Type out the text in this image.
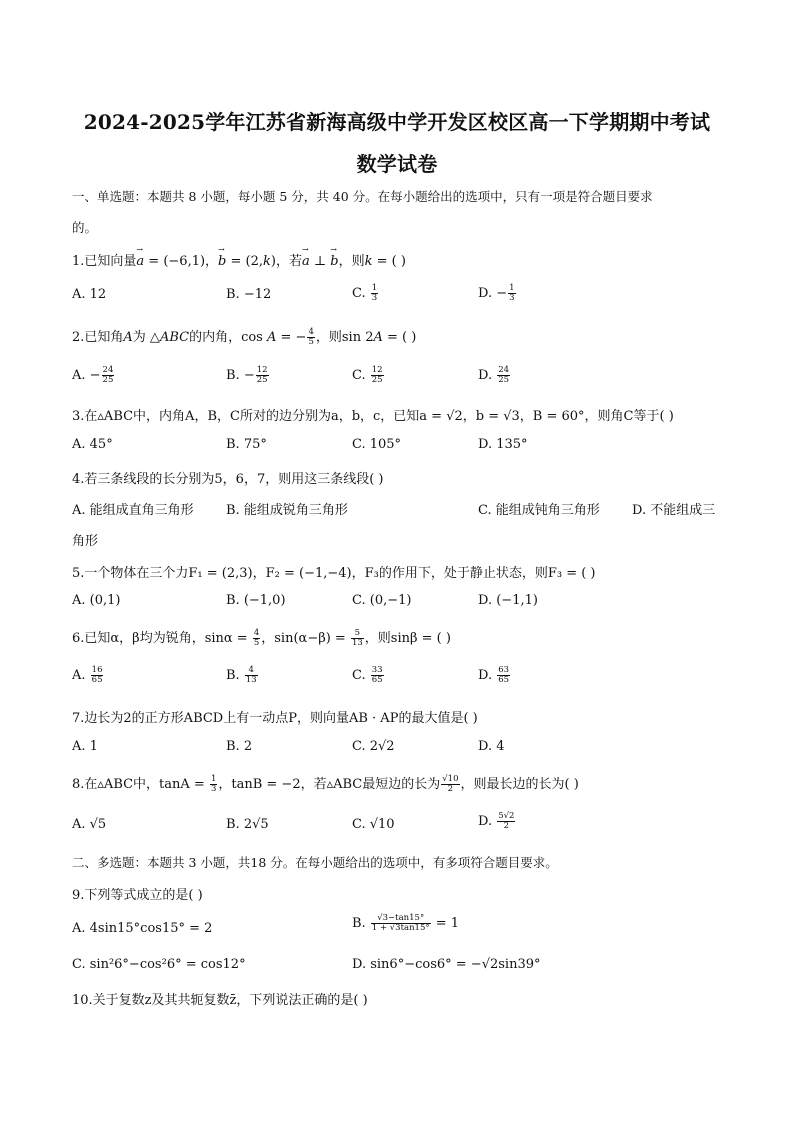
2024-2025学年江苏省新海高级中学开发区校区高一下学期期中考试
数学试卷
一、单选题：本题共 8 小题，每小题 5 分，共 40 分。在每小题给出的选项中，只有一项是符合题目要求
的。
1.已知向量→ a = (−6,1)，→ b = (2,k)，若→ a ⊥ → b，则k = ( )
A. 12	B. −12	C. $\frac{1}{3}$	D. − $\frac{1}{3}$
2.已知角A为 △ABC的内角，cos A = − $\frac{4}{5}$ ，则sin 2A = ( )
A. − $\frac{24}{25}$	B. − $\frac{12}{25}$	C. $\frac{12}{25}$	D. $\frac{24}{25}$
3.在▵ABC中，内角A，B，C所对的边分别为a，b，c，已知a = √2，b = √3，B = 60°，则角C等于( )
A. 45°	B. 75°	C. 105°	D. 135°
4.若三条线段的长分别为5，6，7，则用这三条线段( )
A. 能组成直角三角形 B. 能组成锐角三角形	C. 能组成钝角三角形 D. 不能组成三
角形
5.一个物体在三个力F₁ = (2,3)，F₂ = (−1,−4)，F₃的作用下，处于静止状态，则F₃ = ( )
A. (0,1)	B. (−1,0)	C. (0,−1)	D. (−1,1)
6.已知α，β均为锐角，$\sin\alpha = \frac{4}{5}$ ，$\sin(\alpha-\beta) = \frac{5}{13}$ ，则sinβ = ( )
A. $\frac{16}{65}$	B. $\frac{4}{13}$	C. $\frac{33}{65}$	D. $\frac{63}{65}$
7.边长为2的正方形ABCD上有一动点P，则向量AB · AP的最大值是( )
A. 1	B. 2	C. 2√2	D. 4
8.在▵ABC中，$\tan A = \frac{1}{3}$ ，tanB = −2，若▵ABC最短边的长为 $\frac{√10}{2}$ ，则最长边的长为( )
A. √5	B. 2√5	C. √10	D. $\frac{5√2}{2}$
二、多选题：本题共 3 小题，共18 分。在每小题给出的选项中，有多项符合题目要求。
9.下列等式成立的是( )
A. 4sin15°cos15° = 2	B. $\frac{√3-\tan 15^\circ}{1 + √3\tan 15^\circ} = 1$
C. sin²6°−cos²6° = cos12°	D. sin6°−cos6° = −√2sin39°
10.关于复数z及其共轭复数z̄，下列说法正确的是( )
